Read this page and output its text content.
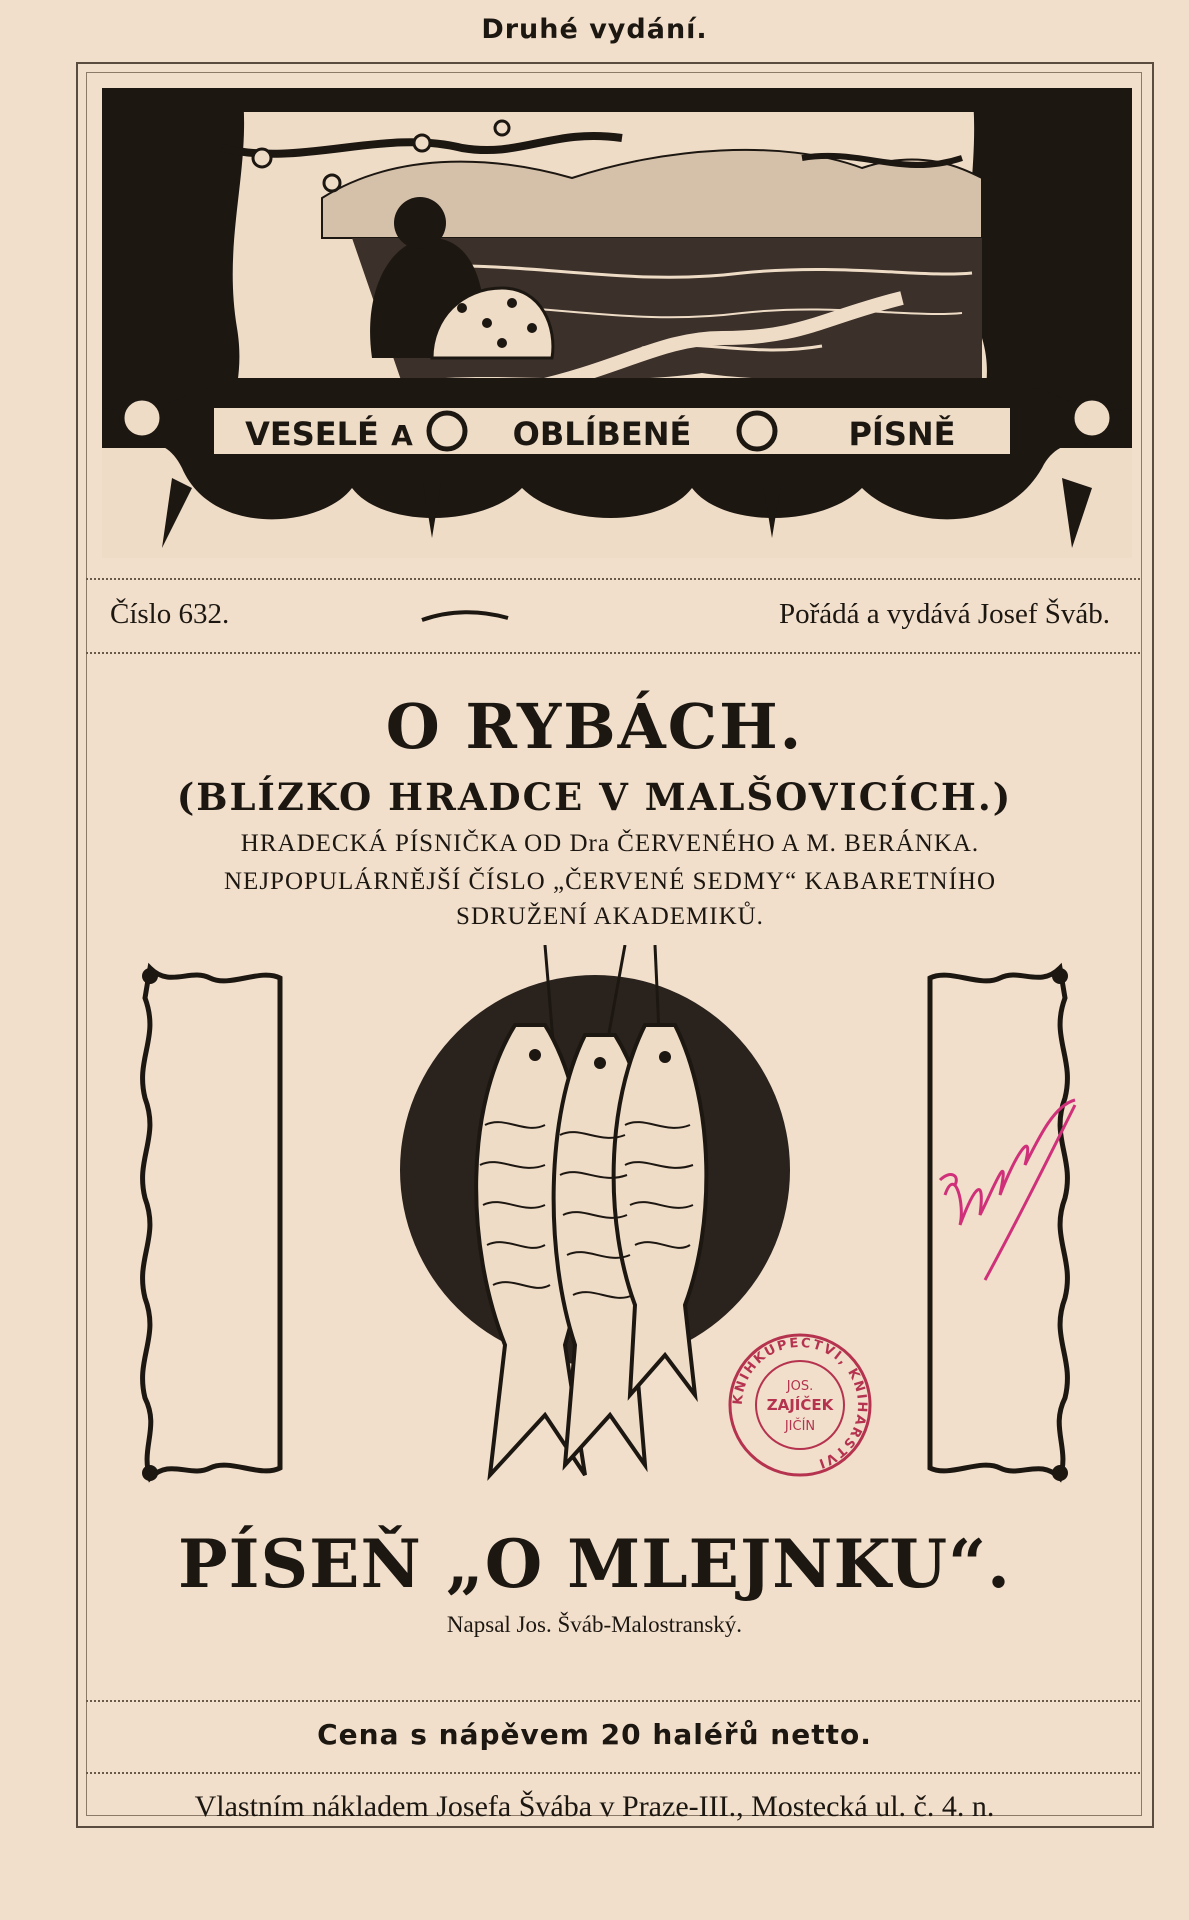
Druhé vydání.
VESELÉ A	OBLÍBENÉ	PÍSNĚ
Číslo 632.	Pořádá a vydává Josef Šváb.
O RYBÁCH.
(BLÍZKO HRADCE V MALŠOVICÍCH.)
HRADECKÁ PÍSNIČKA OD Dra ČERVENÉHO A M. BERÁNKA.
NEJPOPULÁRNĚJŠÍ ČÍSLO „ČERVENÉ SEDMY“ KABARETNÍHO
SDRUŽENÍ AKADEMIKŮ.
KNIHKUPECTVÍ, KNIHAŘSTVÍ
JOS.
ZAJÍČEK
JIČÍN
PÍSEŇ „O MLEJNKU“.
Napsal Jos. Šváb-Malostranský.
Cena s nápěvem 20 haléřů netto.
Vlastním nákladem Josefa Švába v Praze-III., Mostecká ul. č. 4. n.
